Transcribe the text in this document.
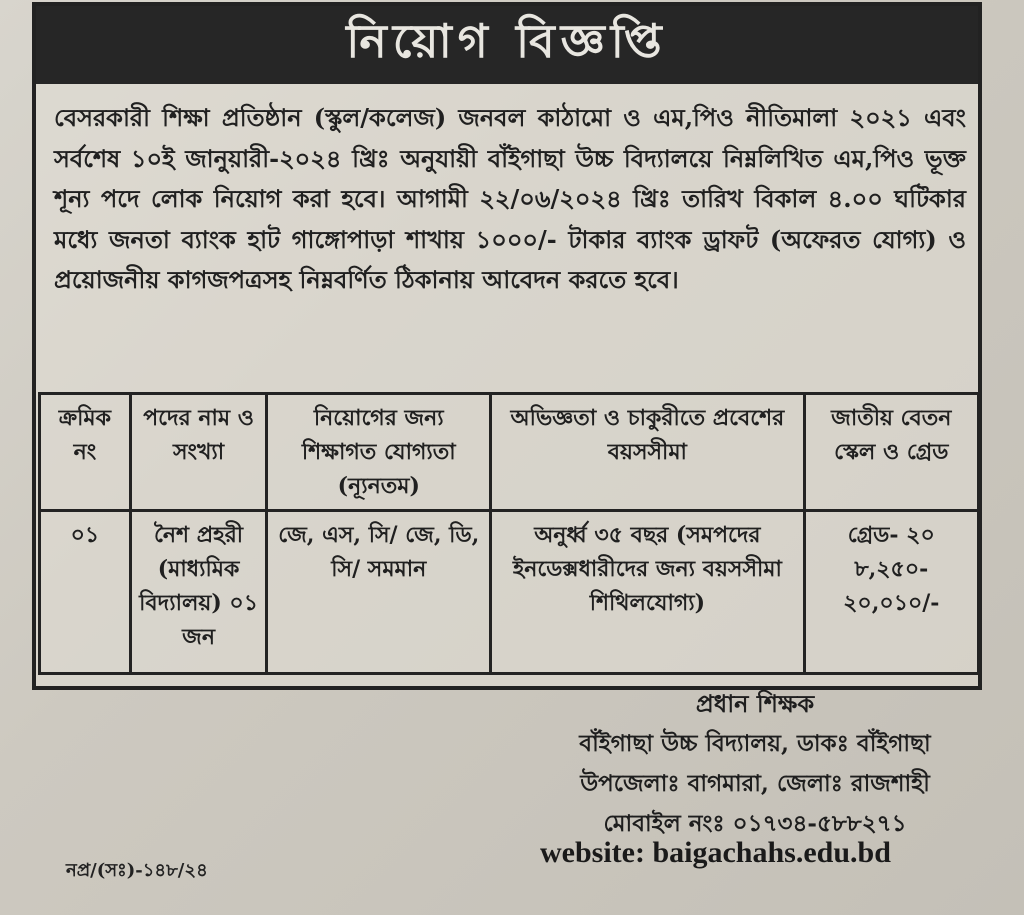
নিয়োগ বিজ্ঞপ্তি
বেসরকারী শিক্ষা প্রতিষ্ঠান (স্কুল/কলেজ) জনবল কাঠামো ও এম,পিও নীতিমালা ২০২১ এবং সর্বশেষ ১০ই জানুয়ারী-২০২৪ খ্রিঃ অনুযায়ী বাঁইগাছা উচ্চ বিদ্যালয়ে নিম্নলিখিত এম,পিও ভূক্ত শূন্য পদে লোক নিয়োগ করা হবে। আগামী ২২/০৬/২০২৪ খ্রিঃ তারিখ বিকাল ৪.০০ ঘটিকার মধ্যে জনতা ব্যাংক হাট গাঙ্গোপাড়া শাখায় ১০০০/- টাকার ব্যাংক ড্রাফট (অফেরত যোগ্য) ও প্রয়োজনীয় কাগজপত্রসহ নিম্নবর্ণিত ঠিকানায় আবেদন করতে হবে।
ক্রমিক নং	পদের নাম ও সংখ্যা	নিয়োগের জন্য শিক্ষাগত যোগ্যতা (ন্যূনতম)	অভিজ্ঞতা ও চাকুরীতে প্রবেশের বয়সসীমা	জাতীয় বেতন স্কেল ও গ্রেড
০১	নৈশ প্রহরী (মাধ্যমিক বিদ্যালয়) ০১ জন	জে, এস, সি/ জে, ডি, সি/ সমমান	অনুর্ধ্ব ৩৫ বছর (সমপদের ইনডেক্সধারীদের জন্য বয়সসীমা শিথিলযোগ্য)	গ্রেড- ২০ ৮,২৫০- ২০,০১০/-
প্রধান শিক্ষক
বাঁইগাছা উচ্চ বিদ্যালয়, ডাকঃ বাঁইগাছা
উপজেলাঃ বাগমারা, জেলাঃ রাজশাহী
মোবাইল নংঃ ০১৭৩৪-৫৮৮২৭১
website: baigachahs.edu.bd
নপ্র/(সঃ)-১৪৮/২৪
